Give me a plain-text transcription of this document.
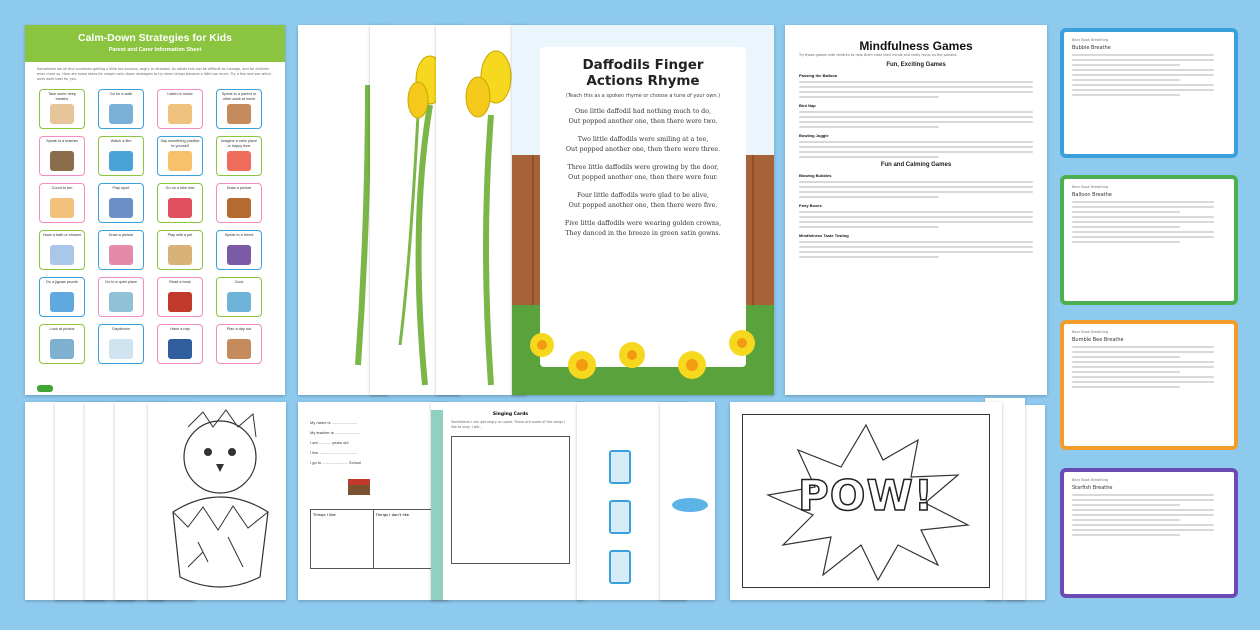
Calm-Down Strategies for Kids
Parent and Carer Information Sheet
Sometimes we all find ourselves getting a little too anxious, angry or stressed. As adults this can be difficult to manage, and for children even more so. Here are some ideas for simple calm-down strategies to try when things become a little too much. Try a few and see which ones work best for you.
Take some deep breaths
Go for a walk	Listen to music	Speak to a parent or other adult at home
Speak to a teacher	Watch a film	Say something positive to yourself
Imagine a calm place or happy time
Count to ten	Play sport	Go on a bike ride	Draw a picture
Have a bath or shower	Draw a picture	Play with a pet	Speak to a friend
Do a jigsaw puzzle	Go to a quiet place	Read a book	Cook
Look at photos	Daydream	Have a nap	Plan a day out
Daffodils Finger
Actions Rhyme
(Teach this as a spoken rhyme or choose a tune of your own.)
One little daffodil had nothing much to do,
Out popped another one, then there were two.
Two little daffodils were smiling at a tee,
Out popped another one, then there were three.
Three little daffodils were growing by the door,
Out popped another one, then there were four.
Four little daffodils were glad to be alive,
Out popped another one, then there were five.
Five little daffodils were wearing golden crowns,
They danced in the breeze in green satin gowns.
Mindfulness Games
Try these games with children to help them clear their minds and really focus on the present.
Fun, Exciting Games
Passing the Balloon
Bird Nap
Bowling Juggle
Fun and Calming Games
Blowing Bubbles
Fairy Boxes
Mindfulness Taste Testing
Bear Book Breathing
Bubble Breathe
Bear Book Breathing
Balloon Breathe
Bear Book Breathing
Bumble Bee Breathe
Bear Book Breathing
Starfish Breathe
My name is .......................
My teacher is .......................
I am ........... years old
I live ..................................
I go to ....................... School
Things I like	Things I don't like
Singing Cards
Sometimes I can get angry or upset. These are some of the songs I like to sing: I will...
POW!
